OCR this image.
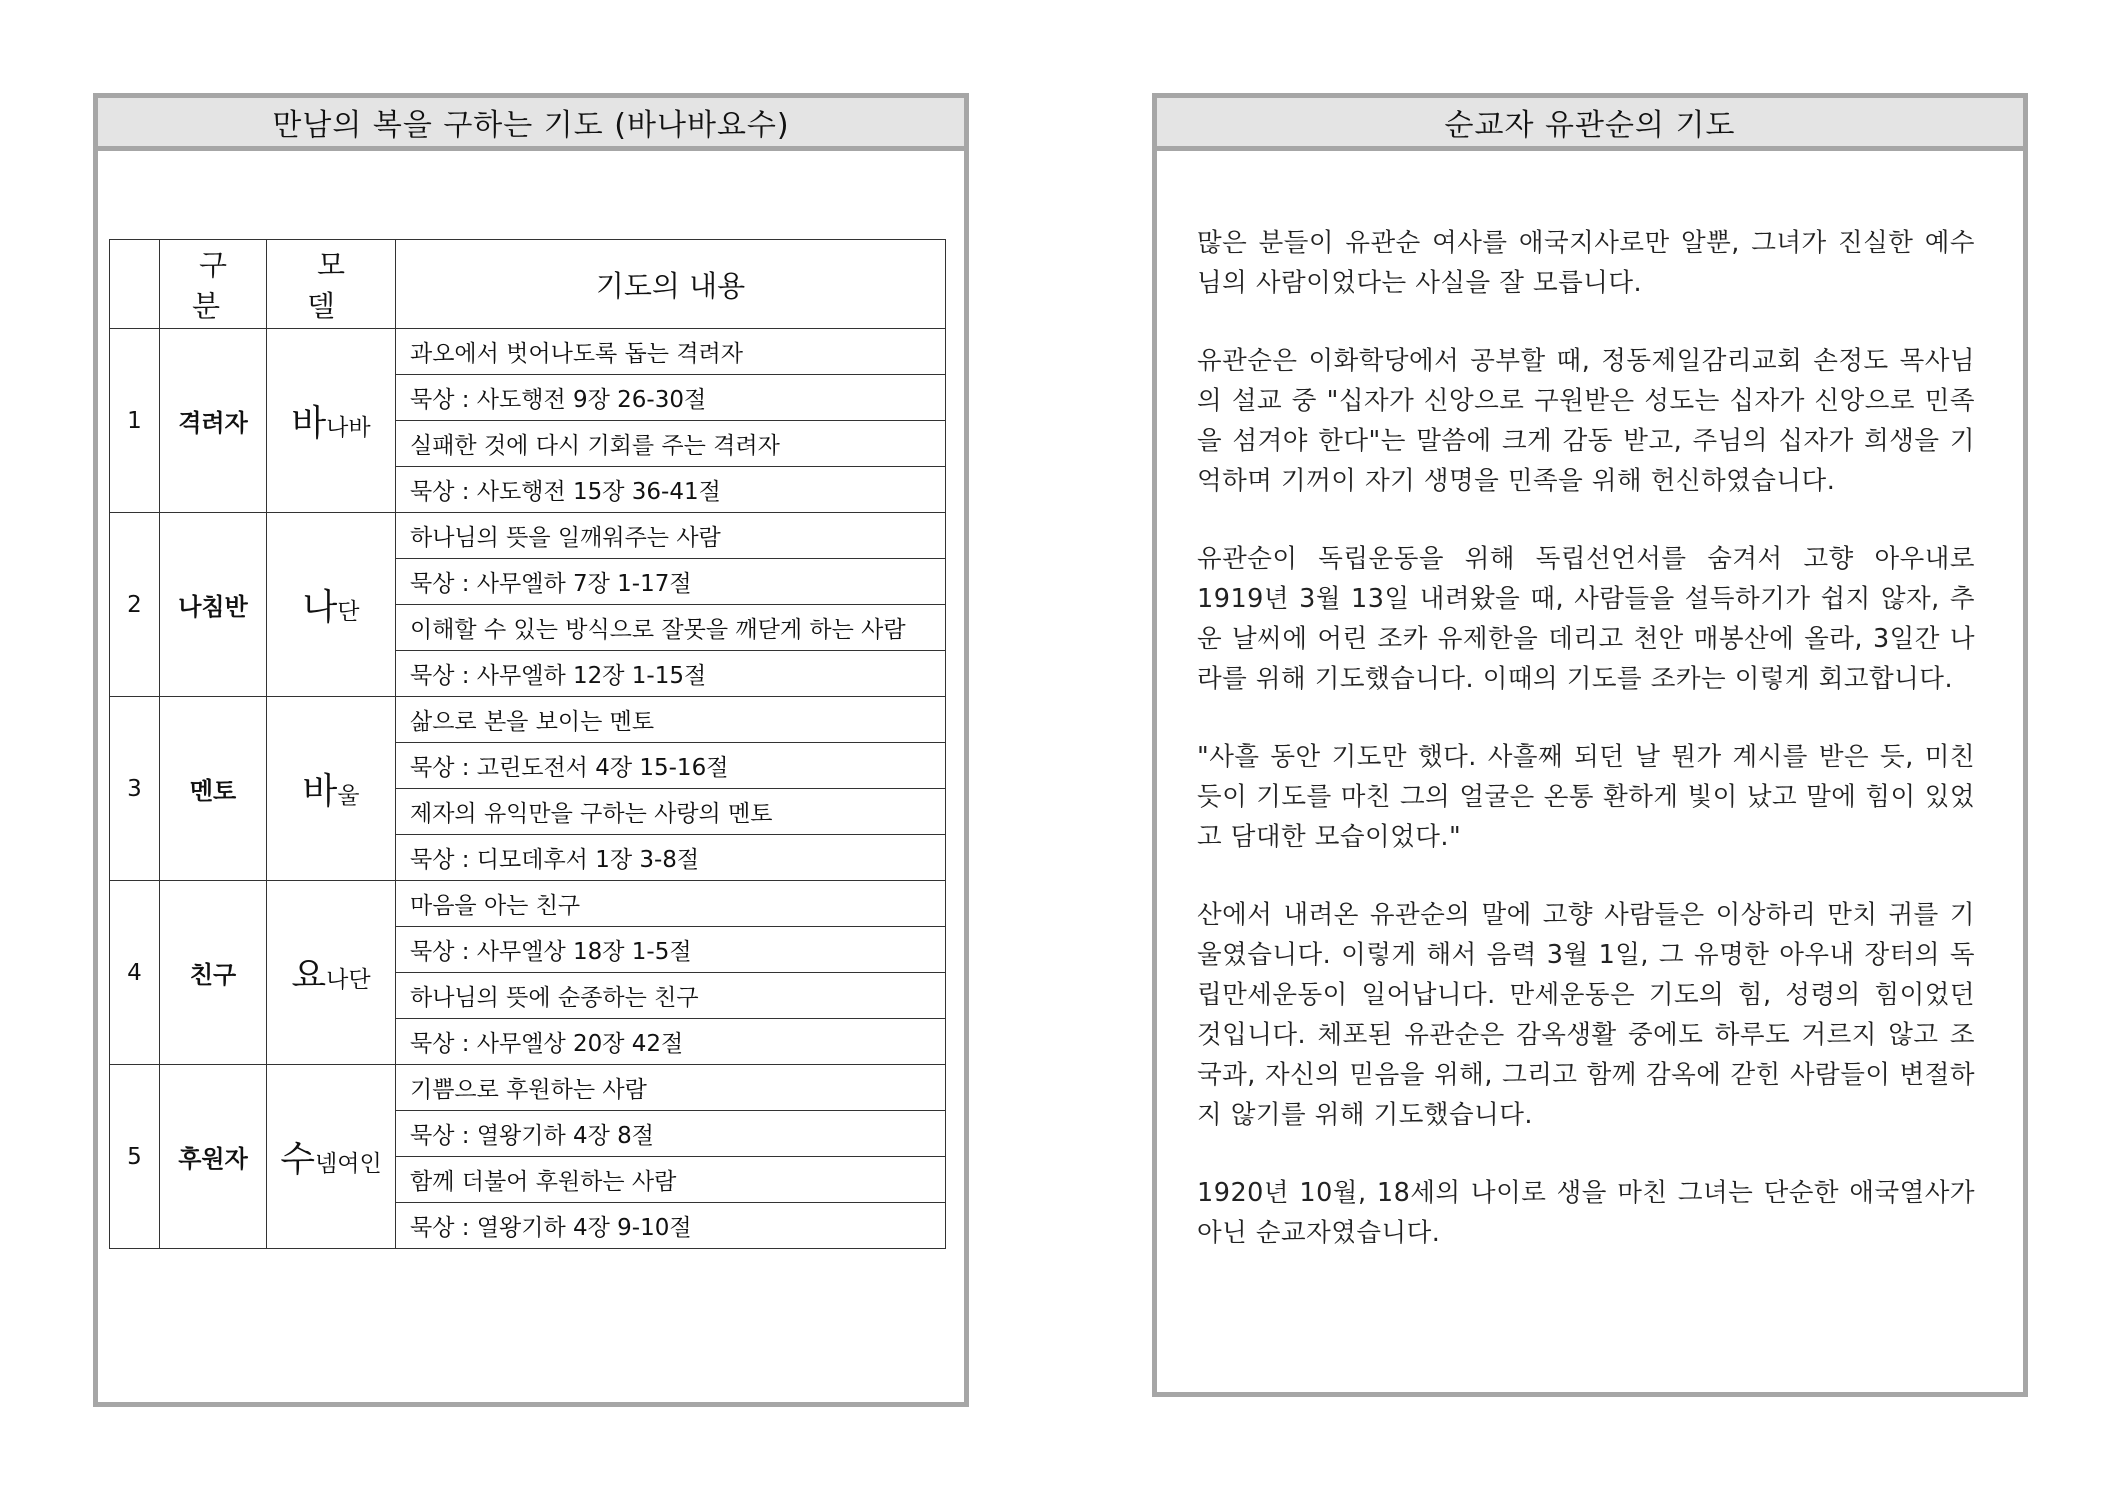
만남의 복을 구하는 기도 (바나바요수)
	구 분	모 델	기도의 내용
1	격려자	바나바	과오에서 벗어나도록 돕는 격려자
			묵상 : 사도행전 9장 26-30절
			실패한 것에 다시 기회를 주는 격려자
			묵상 : 사도행전 15장 36-41절
2	나침반	나단	하나님의 뜻을 일깨워주는 사람
			묵상 : 사무엘하 7장 1-17절
			이해할 수 있는 방식으로 잘못을 깨닫게 하는 사람
			묵상 : 사무엘하 12장 1-15절
3	멘토	바울	삶으로 본을 보이는 멘토
			묵상 : 고린도전서 4장 15-16절
			제자의 유익만을 구하는 사랑의 멘토
			묵상 : 디모데후서 1장 3-8절
4	친구	요나단	마음을 아는 친구
			묵상 : 사무엘상 18장 1-5절
			하나님의 뜻에 순종하는 친구
			묵상 : 사무엘상 20장 42절
5	후원자	수넴여인	기쁨으로 후원하는 사람
			묵상 : 열왕기하 4장 8절
			함께 더불어 후원하는 사람
			묵상 : 열왕기하 4장 9-10절
순교자 유관순의 기도

많은 분들이 유관순 여사를 애국지사로만 알뿐, 그녀가 진실한 예수님의 사람이었다는 사실을 잘 모릅니다.

유관순은 이화학당에서 공부할 때, 정동제일감리교회 손정도 목사님의 설교 중 "십자가 신앙으로 구원받은 성도는 십자가 신앙으로 민족을 섬겨야 한다"는 말씀에 크게 감동 받고, 주님의 십자가 희생을 기억하며 기꺼이 자기 생명을 민족을 위해 헌신하였습니다.

유관순이 독립운동을 위해 독립선언서를 숨겨서 고향 아우내로 1919년 3월 13일 내려왔을 때, 사람들을 설득하기가 쉽지 않자, 추운 날씨에 어린 조카 유제한을 데리고 천안 매봉산에 올라, 3일간 나라를 위해 기도했습니다. 이때의 기도를 조카는 이렇게 회고합니다.

"사흘 동안 기도만 했다. 사흘째 되던 날 뭔가 계시를 받은 듯, 미친 듯이 기도를 마친 그의 얼굴은 온통 환하게 빛이 났고 말에 힘이 있었고 담대한 모습이었다."

산에서 내려온 유관순의 말에 고향 사람들은 이상하리 만치 귀를 기울였습니다. 이렇게 해서 음력 3월 1일, 그 유명한 아우내 장터의 독립만세운동이 일어납니다. 만세운동은 기도의 힘, 성령의 힘이었던 것입니다. 체포된 유관순은 감옥생활 중에도 하루도 거르지 않고 조국과, 자신의 믿음을 위해, 그리고 함께 감옥에 갇힌 사람들이 변절하지 않기를 위해 기도했습니다.

1920년 10월, 18세의 나이로 생을 마친 그녀는 단순한 애국열사가 아닌 순교자였습니다.
